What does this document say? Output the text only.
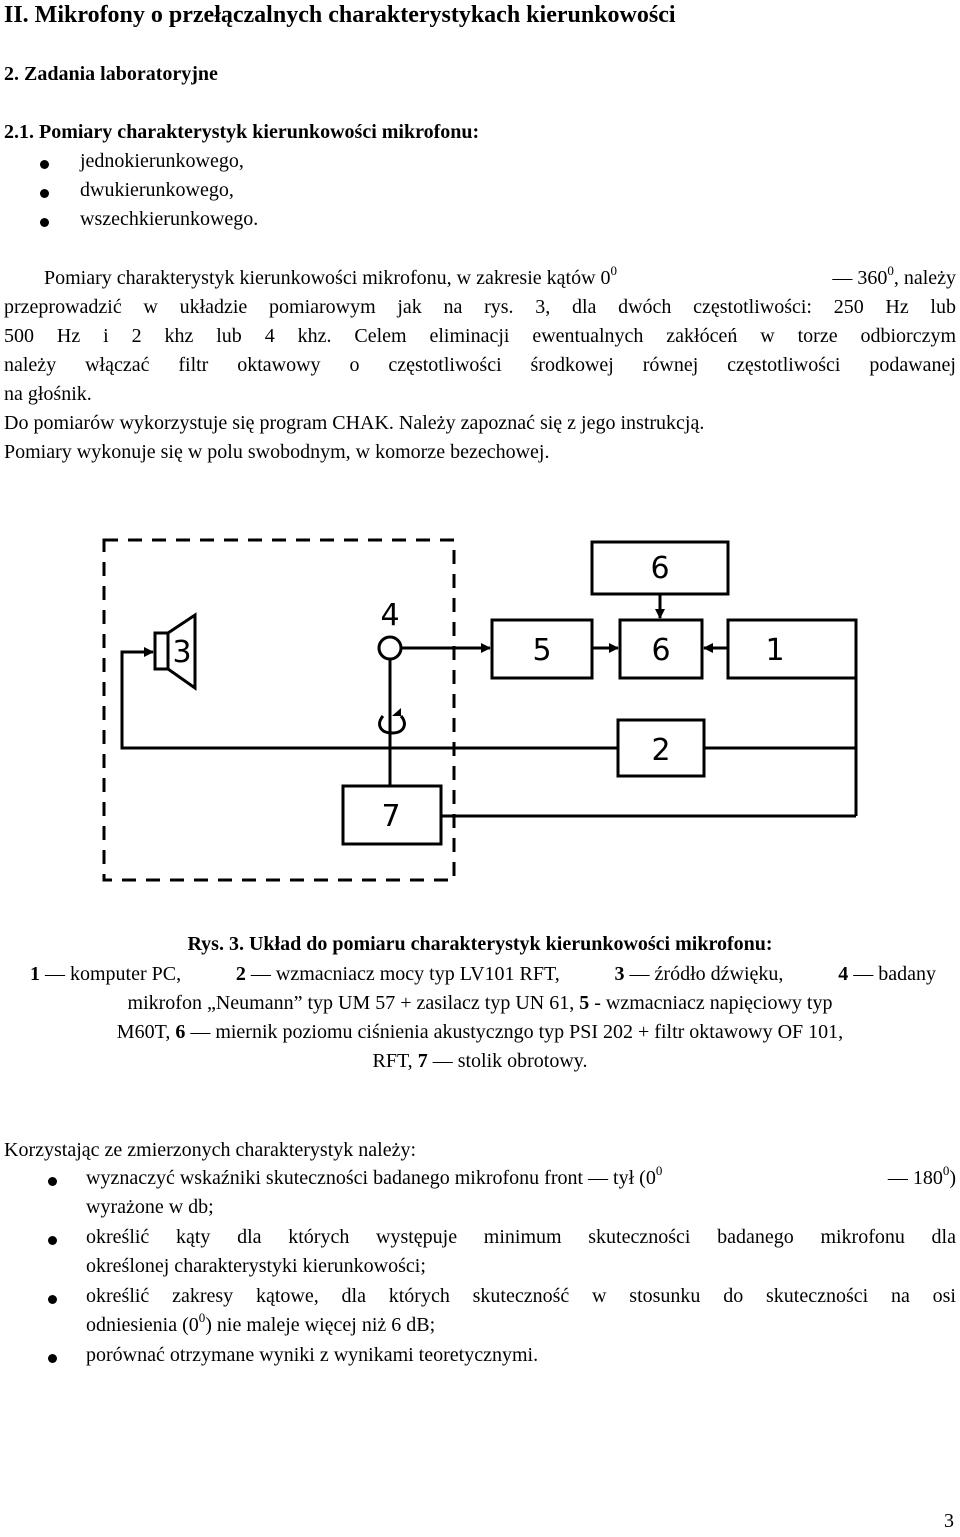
II. Mikrofony o przełączalnych charakterystykach kierunkowości
2. Zadania laboratoryjne
2.1. Pomiary charakterystyk kierunkowości mikrofonu:
jednokierunkowego,
dwukierunkowego,
wszechkierunkowego.
Pomiary charakterystyk kierunkowości mikrofonu, w zakresie kątów $0^0$	— $360^0$, należy
przeprowadzić w układzie pomiarowym jak na rys. 3, dla dwóch częstotliwości: 250 Hz lub
500 Hz i 2 khz lub 4 khz. Celem eliminacji ewentualnych zakłóceń w torze odbiorczym
należy włączać filtr oktawowy o częstotliwości środkowej równej częstotliwości podawanej
na głośnik.
Do pomiarów wykorzystuje się program CHAK. Należy zapoznać się z jego instrukcją.
Pomiary wykonuje się w polu swobodnym, w komorze bezechowej.
6
5	6	1
2
7
3
4
Rys. 3. Układ do pomiaru charakterystyk kierunkowości mikrofonu:
1 — komputer PC,	2 — wzmacniacz mocy typ LV101 RFT,	3 — źródło dźwięku,	4 — badany
mikrofon „Neumann” typ UM 57 + zasilacz typ UN 61, 5 - wzmacniacz napięciowy typ
M60T, 6 — miernik poziomu ciśnienia akustyczngo typ PSI 202 + filtr oktawowy OF 101,
RFT, 7 — stolik obrotowy.
Korzystając ze zmierzonych charakterystyk należy:
wyznaczyć wskaźniki skuteczności badanego mikrofonu front — tył ($0^0$	— $180^0$)
wyrażone w db;
określić kąty dla których występuje minimum skuteczności badanego mikrofonu dla
określonej charakterystyki kierunkowości;
określić zakresy kątowe, dla których skuteczność w stosunku do skuteczności na osi
odniesienia $(0^0)$ nie maleje więcej niż 6 dB;
porównać otrzymane wyniki z wynikami teoretycznymi.
3
